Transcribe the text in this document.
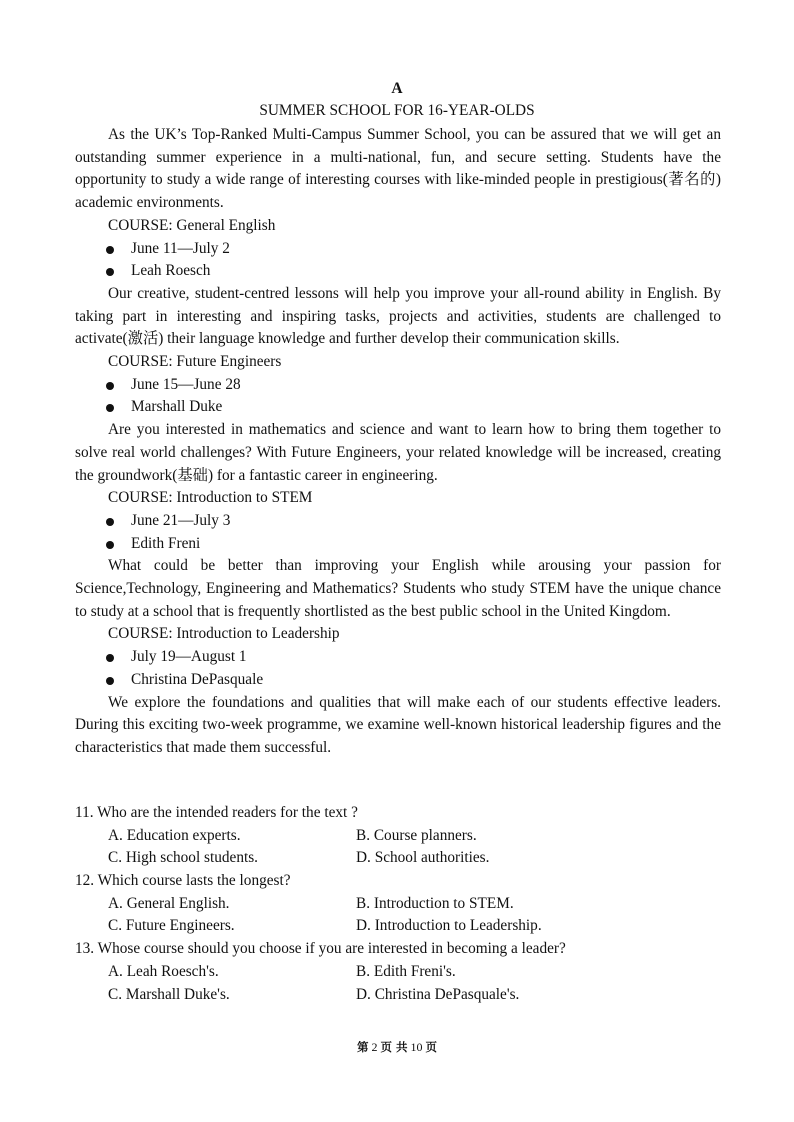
A
SUMMER SCHOOL FOR 16-YEAR-OLDS

As the UK’s Top-Ranked Multi-Campus Summer School, you can be assured that we will get an outstanding summer experience in a multi-national, fun, and secure setting. Students have the opportunity to study a wide range of interesting courses with like-minded people in prestigious(著名的) academic environments.

COURSE: General English

June 11—July 2

Leah Roesch

Our creative, student-centred lessons will help you improve your all-round ability in English. By taking part in interesting and inspiring tasks, projects and activities, students are challenged to activate(激活) their language knowledge and further develop their communication skills.

COURSE: Future Engineers

June 15—June 28

Marshall Duke

Are you interested in mathematics and science and want to learn how to bring them together to solve real world challenges? With Future Engineers, your related knowledge will be increased, creating the groundwork(基础) for a fantastic career in engineering.

COURSE: Introduction to STEM

June 21—July 3

Edith Freni

What could be better than improving your English while arousing your passion for Science,Technology, Engineering and Mathematics? Students who study STEM have the unique chance to study at a school that is frequently shortlisted as the best public school in the United Kingdom.

COURSE: Introduction to Leadership

July 19—August 1

Christina DePasquale

We explore the foundations and qualities that will make each of our students effective leaders. During this exciting two-week programme, we examine well-known historical leadership figures and the characteristics that made them successful.

11. Who are the intended readers for the text ?

A. Education experts.	B. Course planners.
C. High school students.	D. School authorities.

12. Which course lasts the longest?

A. General English.	B. Introduction to STEM.
C. Future Engineers.	D. Introduction to Leadership.

13. Whose course should you choose if you are interested in becoming a leader?

A. Leah Roesch's.	B. Edith Freni's.
C. Marshall Duke's.	D. Christina DePasquale's.
第 2 页 共 10 页
